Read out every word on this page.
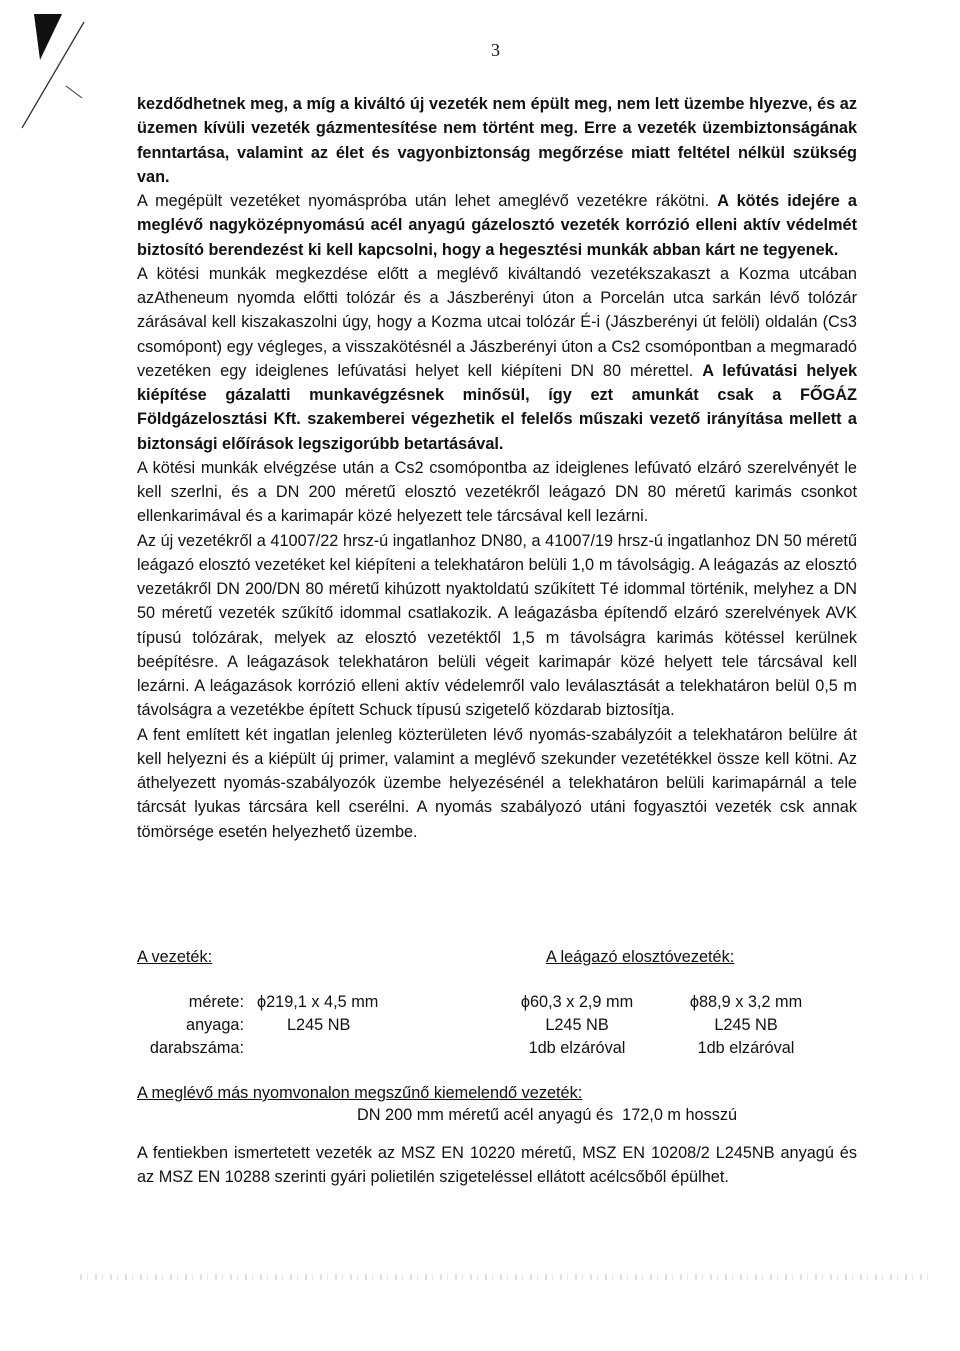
3

kezdődhetnek meg, a míg a kiváltó új vezeték nem épült meg, nem lett üzembe hlyezve, és az üzemen kívüli vezeték gázmentesítése nem történt meg. Erre a vezeték üzembiztonságának fenntartása, valamint az élet és vagyonbiztonság megőrzése miatt feltétel nélkül szükség van.

A megépült vezetéket nyomáspróba után lehet ameglévő vezetékre rákötni. A kötés idejére a meglévő nagyközépnyomású acél anyagú gázelosztó vezeték korrózió elleni aktív védelmét biztosító berendezést ki kell kapcsolni, hogy a hegesztési munkák abban kárt ne tegyenek.

A kötési munkák megkezdése előtt a meglévő kiváltandó vezetékszakaszt a Kozma utcában azAtheneum nyomda előtti tolózár és a Jászberényi úton a Porcelán utca sarkán lévő tolózár zárásával kell kiszakaszolni úgy, hogy a Kozma utcai tolózár É-i (Jászberényi út felöli) oldalán (Cs3 csomópont) egy végleges, a visszakötésnél a Jászberényi úton a Cs2 csomópontban a megmaradó vezetéken egy ideiglenes lefúvatási helyet kell kiépíteni DN 80 mérettel. A lefúvatási helyek kiépítése gázalatti munkavégzésnek minősül, így ezt amunkát csak a FŐGÁZ Földgázelosztási Kft. szakemberei végezhetik el felelős műszaki vezető irányítása mellett a biztonsági előírások legszigorúbb betartásával.

A kötési munkák elvégzése után a Cs2 csomópontba az ideiglenes lefúvató elzáró szerelvényét le kell szerlni, és a DN 200 méretű elosztó vezetékről leágazó DN 80 méretű karimás csonkot ellenkarimával és a karimapár közé helyezett tele tárcsával kell lezárni.

Az új vezetékről a 41007/22 hrsz-ú ingatlanhoz DN80, a 41007/19 hrsz-ú ingatlanhoz DN 50 méretű leágazó elosztó vezetéket kel kiépíteni a telekhatáron belüli 1,0 m távolságig. A leágazás az elosztó vezetákről DN 200/DN 80 méretű kihúzott nyaktoldatú szűkített Té idommal történik, melyhez a DN 50 méretű vezeték szűkítő idommal csatlakozik. A leágazásba építendő elzáró szerelvények AVK típusú tolózárak, melyek az elosztó vezetéktől 1,5 m távolságra karimás kötéssel kerülnek beépítésre. A leágazások telekhatáron belüli végeit karimapár közé helyett tele tárcsával kell lezárni. A leágazások korrózió elleni aktív védelemről valo leválasztását a telekhatáron belül 0,5 m távolságra a vezetékbe épített Schuck típusú szigetelő közdarab biztosítja.

A fent említett két ingatlan jelenleg közterületen lévő nyomás-szabályzóit a telekhatáron belülre át kell helyezni és a kiépült új primer, valamint a meglévő szekunder vezetétékkel össze kell kötni. Az áthelyezett nyomás-szabályozók üzembe helyezésénél a telekhatáron belüli karimapárnál a tele tárcsát lyukas tárcsára kell cserélni. A nyomás szabályozó utáni fogyasztói vezeték csk annak tömörsége esetén helyezhető üzembe.

A vezeték:	A leágazó elosztóvezeték:
mérete:
anyaga:
darabszáma:
ϕ219,1 x 4,5 mm
L245 NB
ϕ60,3 x 2,9 mm
L245 NB
1db elzáróval
ϕ88,9 x 3,2 mm
L245 NB
1db elzáróval
A meglévő más nyomvonalon megszűnő kiemelendő vezeték:
DN 200 mm méretű acél anyagú és  172,0 m hosszú
A fentiekben ismertetett vezeték az MSZ EN 10220 méretű, MSZ EN 10208/2 L245NB anyagú és az MSZ EN 10288 szerinti gyári polietilén szigeteléssel ellátott acélcsőből épülhet.
